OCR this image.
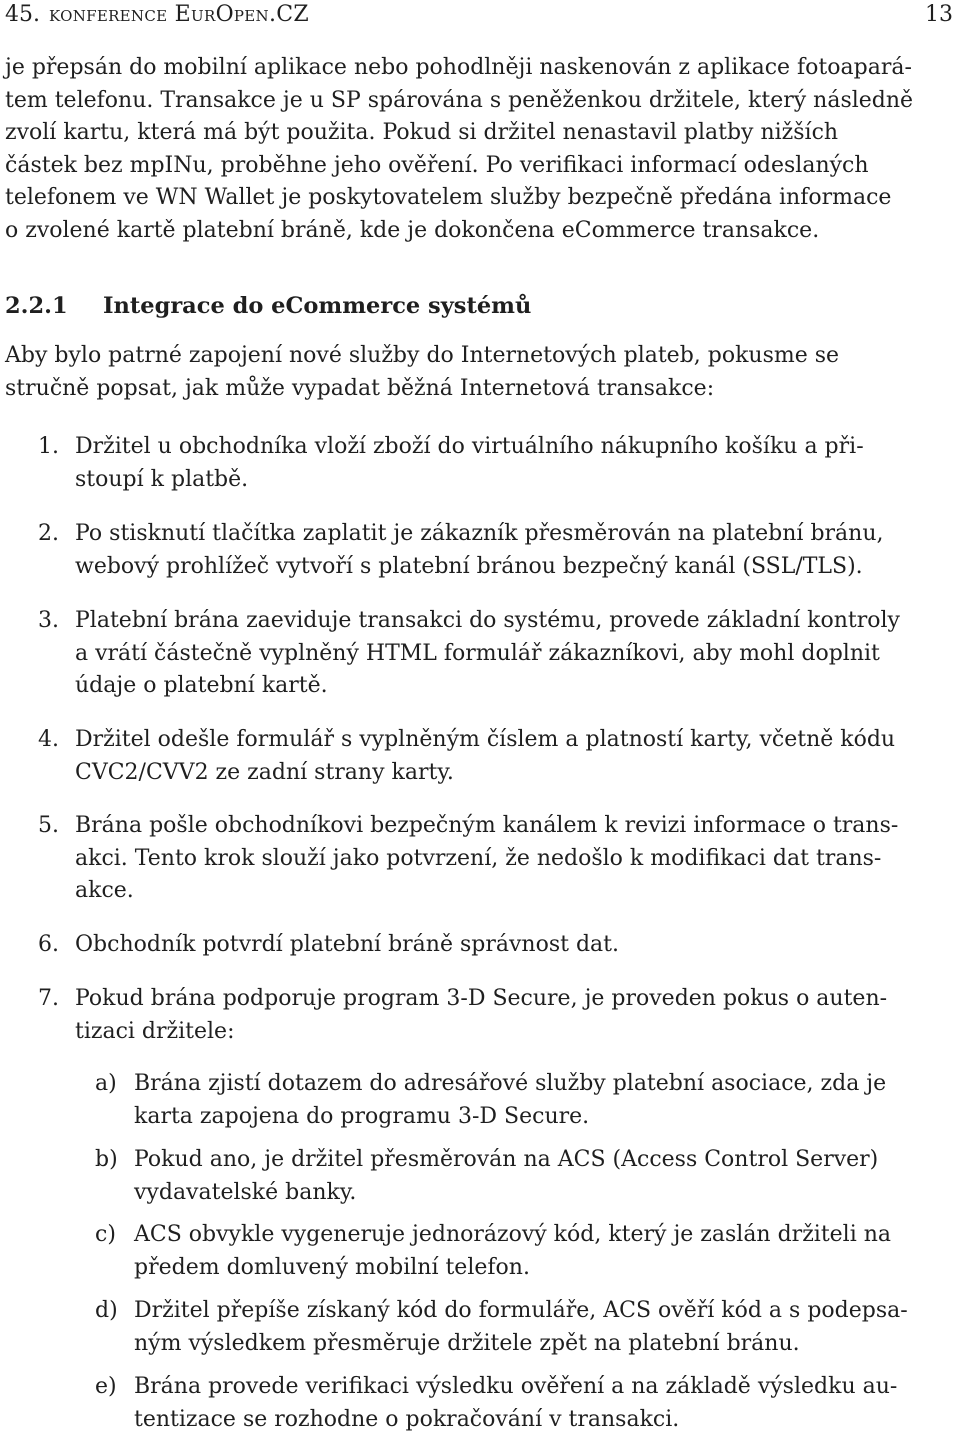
45. konference EurOpen.CZ	13
je přepsán do mobilní aplikace nebo pohodlněji naskenován z aplikace fotoapará-
tem telefonu. Transakce je u SP spárována s peněženkou držitele, který následně
zvolí kartu, která má být použita. Pokud si držitel nenastavil platby nižších
částek bez mpINu, proběhne jeho ověření. Po verifikaci informací odeslaných
telefonem ve WN Wallet je poskytovatelem služby bezpečně předána informace
o zvolené kartě platební bráně, kde je dokončena eCommerce transakce.
2.2.1 Integrace do eCommerce systémů
Aby bylo patrné zapojení nové služby do Internetových plateb, pokusme se
stručně popsat, jak může vypadat běžná Internetová transakce:
1. Držitel u obchodníka vloží zboží do virtuálního nákupního košíku a při-
stoupí k platbě.
2. Po stisknutí tlačítka zaplatit je zákazník přesměrován na platební bránu,
webový prohlížeč vytvoří s platební bránou bezpečný kanál (SSL/TLS).
3. Platební brána zaeviduje transakci do systému, provede základní kontroly
a vrátí částečně vyplněný HTML formulář zákazníkovi, aby mohl doplnit
údaje o platební kartě.
4. Držitel odešle formulář s vyplněným číslem a platností karty, včetně kódu
CVC2/CVV2 ze zadní strany karty.
5. Brána pošle obchodníkovi bezpečným kanálem k revizi informace o trans-
akci. Tento krok slouží jako potvrzení, že nedošlo k modifikaci dat trans-
akce.
6. Obchodník potvrdí platební bráně správnost dat.
7. Pokud brána podporuje program 3-D Secure, je proveden pokus o auten-
tizaci držitele:
a) Brána zjistí dotazem do adresářové služby platební asociace, zda je
karta zapojena do programu 3-D Secure.
b) Pokud ano, je držitel přesměrován na ACS (Access Control Server)
vydavatelské banky.
c) ACS obvykle vygeneruje jednorázový kód, který je zaslán držiteli na
předem domluvený mobilní telefon.
d) Držitel přepíše získaný kód do formuláře, ACS ověří kód a s podepsa-
ným výsledkem přesměruje držitele zpět na platební bránu.
e) Brána provede verifikaci výsledku ověření a na základě výsledku au-
tentizace se rozhodne o pokračování v transakci.
